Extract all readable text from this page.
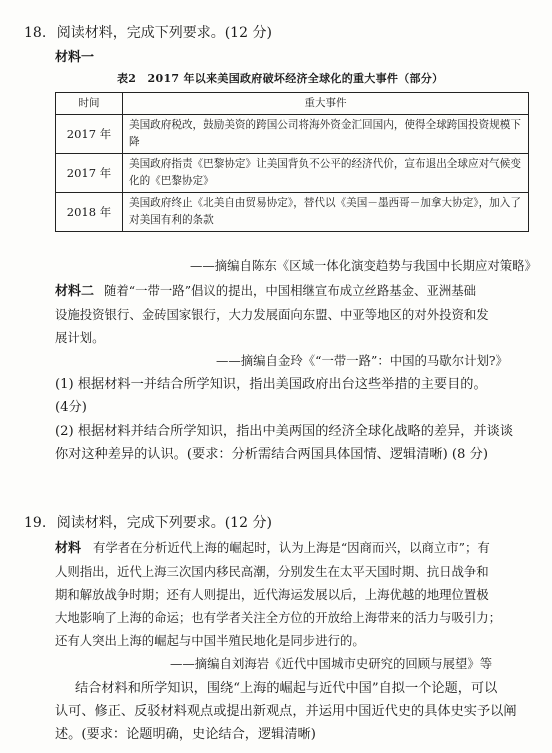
18. 阅读材料，完成下列要求。(12 分)
材料一
表2　2017 年以来美国政府破坏经济全球化的重大事件（部分）
时间	重大事件
2017 年	美国政府税改，鼓励美资的跨国公司将海外资金汇回国内，使得全球跨国投资规模下降
2017 年	美国政府指责《巴黎协定》让美国背负不公平的经济代价，宣布退出全球应对气候变化的《巴黎协定》
2018 年	美国政府终止《北美自由贸易协定》，替代以《美国－墨西哥－加拿大协定》，加入了对美国有利的条款
——摘编自陈东《区域一体化演变趋势与我国中长期应对策略》
材料二 随着“一带一路”倡议的提出，中国相继宣布成立丝路基金、亚洲基础
设施投资银行、金砖国家银行，大力发展面向东盟、中亚等地区的对外投资和发
展计划。
——摘编自金玲《“一带一路”：中国的马歇尔计划?》
(1) 根据材料一并结合所学知识，指出美国政府出台这些举措的主要目的。
(4分)
(2) 根据材料并结合所学知识，指出中美两国的经济全球化战略的差异，并谈谈
你对这种差异的认识。(要求：分析需结合两国具体国情、逻辑清晰) (8 分)
19. 阅读材料，完成下列要求。(12 分)
材料 有学者在分析近代上海的崛起时，认为上海是“因商而兴，以商立市”；有
人则指出，近代上海三次国内移民高潮，分别发生在太平天国时期、抗日战争和
期和解放战争时期；还有人则提出，近代海运发展以后，上海优越的地理位置极
大地影响了上海的命运；也有学者关注全方位的开放给上海带来的活力与吸引力；
还有人突出上海的崛起与中国半殖民地化是同步进行的。
——摘编自刘海岩《近代中国城市史研究的回顾与展望》等
结合材料和所学知识，围绕“上海的崛起与近代中国”自拟一个论题，可以
认可、修正、反驳材料观点或提出新观点，并运用中国近代史的具体史实予以阐
述。(要求：论题明确，史论结合，逻辑清晰)
